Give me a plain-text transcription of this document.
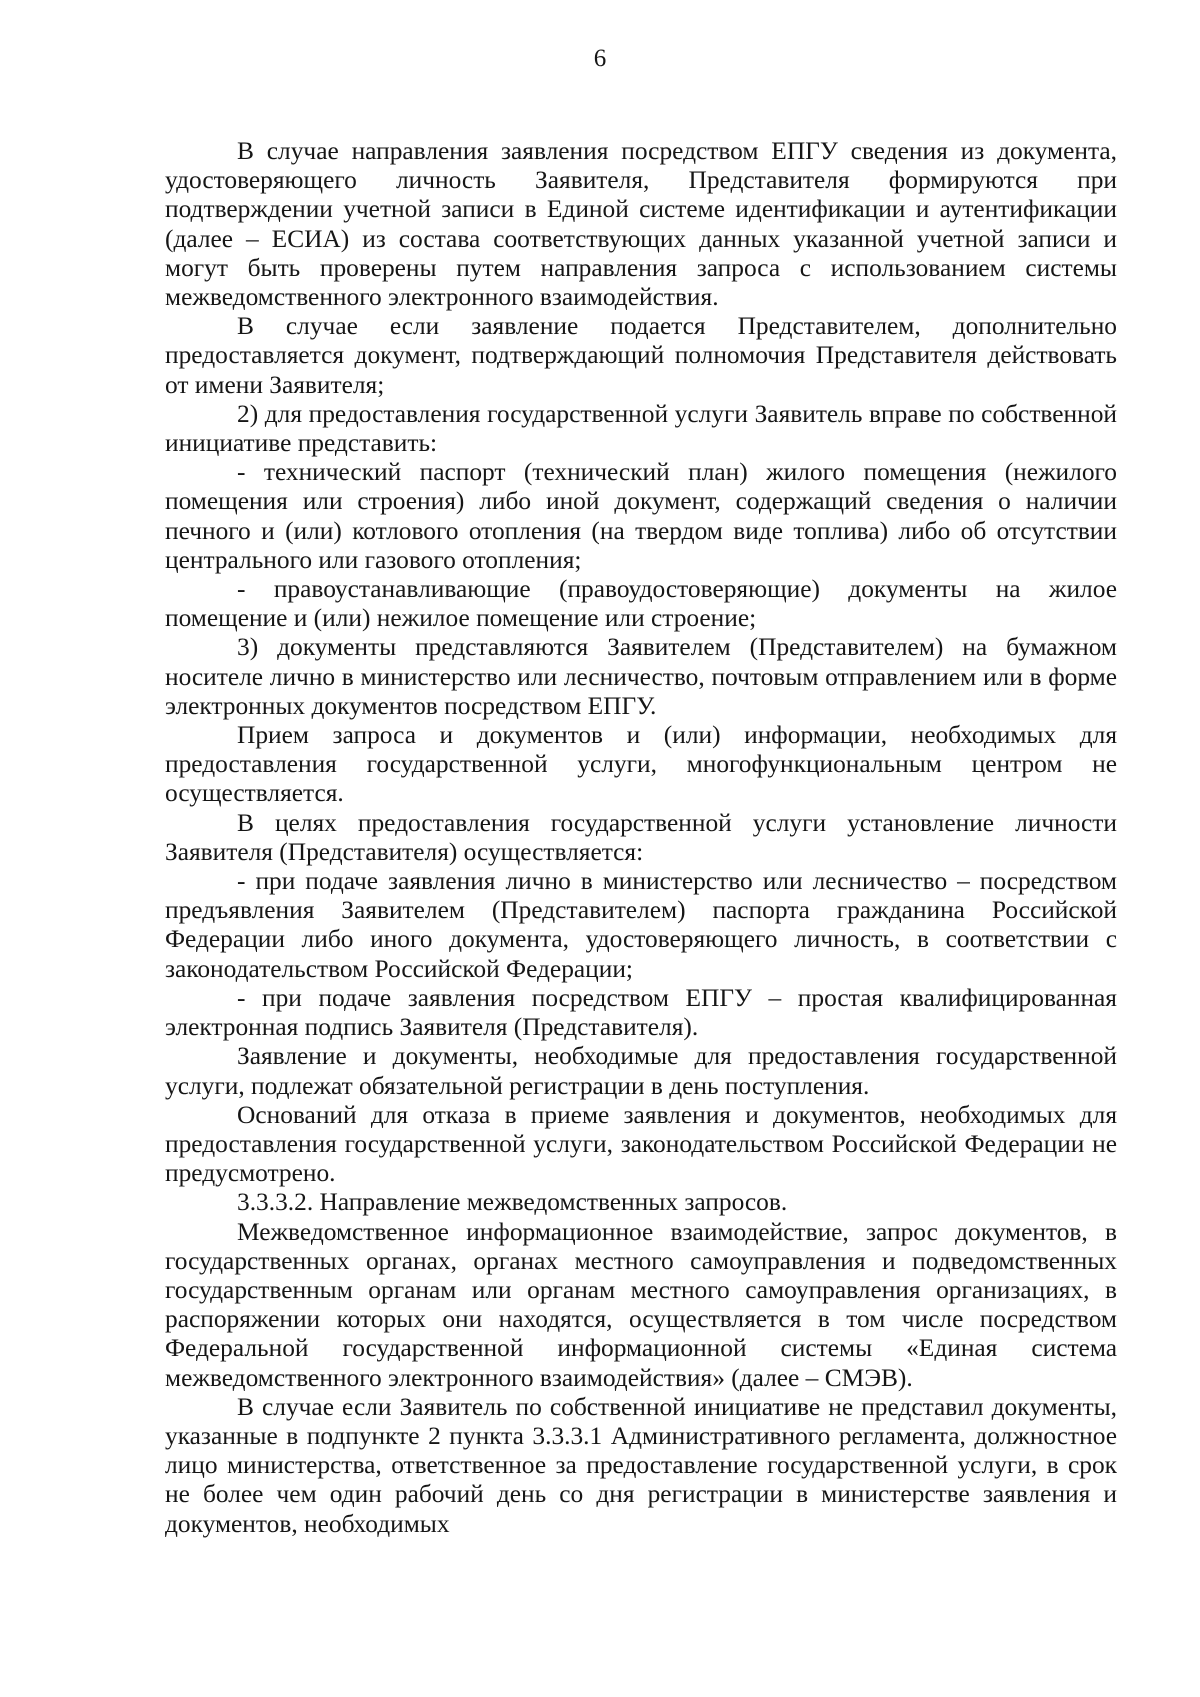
6

В случае направления заявления посредством ЕПГУ сведения из документа, удостоверяющего личность Заявителя, Представителя формируются при подтверждении учетной записи в Единой системе идентификации и аутентификации (далее – ЕСИА) из состава соответствующих данных указанной учетной записи и могут быть проверены путем направления запроса с использованием системы межведомственного электронного взаимодействия.

В случае если заявление подается Представителем, дополнительно предоставляется документ, подтверждающий полномочия Представителя действовать от имени Заявителя;

2) для предоставления государственной услуги Заявитель вправе по собственной инициативе представить:

- технический паспорт (технический план) жилого помещения (нежилого помещения или строения) либо иной документ, содержащий сведения о наличии печного и (или) котлового отопления (на твердом виде топлива) либо об отсутствии центрального или газового отопления;

- правоустанавливающие (правоудостоверяющие) документы на жилое помещение и (или) нежилое помещение или строение;

3) документы представляются Заявителем (Представителем) на бумажном носителе лично в министерство или лесничество, почтовым отправлением или в форме электронных документов посредством ЕПГУ.

Прием запроса и документов и (или) информации, необходимых для предоставления государственной услуги, многофункциональным центром не осуществляется.

В целях предоставления государственной услуги установление личности Заявителя (Представителя) осуществляется:

- при подаче заявления лично в министерство или лесничество – посредством предъявления Заявителем (Представителем) паспорта гражданина Российской Федерации либо иного документа, удостоверяющего личность, в соответствии с законодательством Российской Федерации;

- при подаче заявления посредством ЕПГУ – простая квалифицированная электронная подпись Заявителя (Представителя).

Заявление и документы, необходимые для предоставления государственной услуги, подлежат обязательной регистрации в день поступления.

Оснований для отказа в приеме заявления и документов, необходимых для предоставления государственной услуги, законодательством Российской Федерации не предусмотрено.

3.3.3.2. Направление межведомственных запросов.

Межведомственное информационное взаимодействие, запрос документов, в государственных органах, органах местного самоуправления и подведомственных государственным органам или органам местного самоуправления организациях, в распоряжении которых они находятся, осуществляется в том числе посредством Федеральной государственной информационной системы «Единая система межведомственного электронного взаимодействия» (далее – СМЭВ).

В случае если Заявитель по собственной инициативе не представил документы, указанные в подпункте 2 пункта 3.3.3.1 Административного регламента, должностное лицо министерства, ответственное за предоставление государственной услуги, в срок не более чем один рабочий день со дня регистрации в министерстве заявления и документов, необходимых
